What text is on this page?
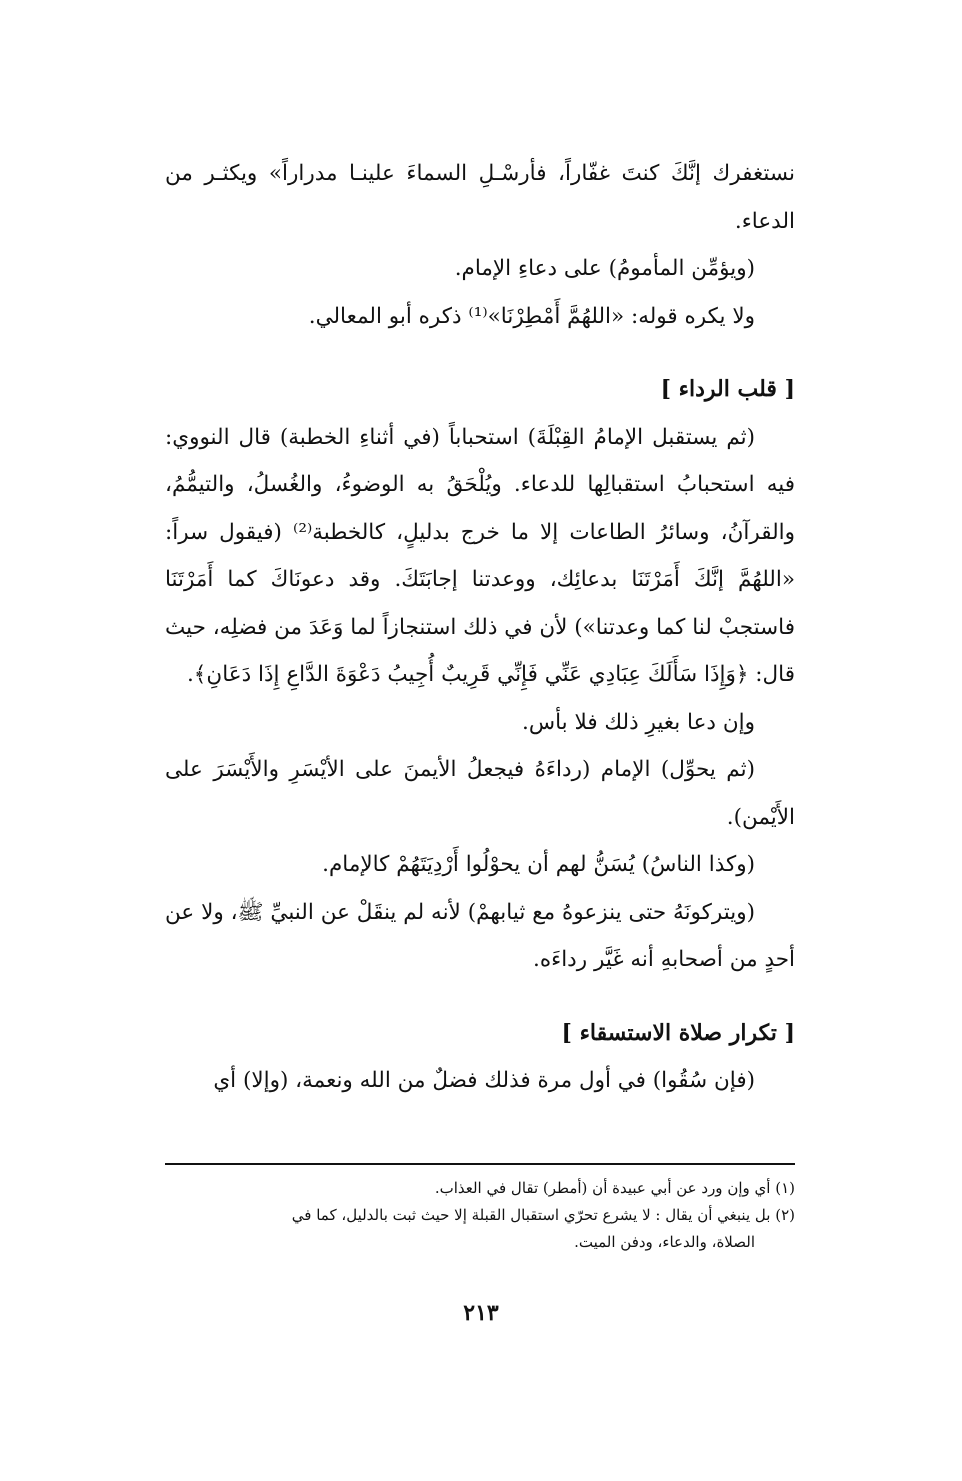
نستغفرك إنَّكَ كنتَ غفّاراً، فأرسْـلِ السماءَ علينـا مدراراً» ويكثـر من الدعاء.

(ويؤمِّن المأمومُ) على دعاءِ الإمام.

ولا يكره قوله: «اللهُمَّ أَمْطِرْنَا»⁽¹⁾ ذكره أبو المعالي.

[ قلب الرداء ]

(ثم يستقبل الإمامُ القِبْلَةَ) استحباباً (في أثناءِ الخطبة) قال النووي: فيه استحبابُ استقبالِها للدعاء. ويُلْحَقُ به الوضوءُ، والغُسلُ، والتيمُّمُ، والقرآنُ، وسائرُ الطاعات إلا ما خرج بدليلٍ، كالخطبة⁽²⁾ (فيقول سراً: «اللهُمَّ إنَّكَ أَمَرْتَنَا بدعائِك، ووعدتنا إجابَتَكَ. وقد دعونَاكَ كما أَمَرْتَنَا فاستجبْ لنا كما وعدتنا») لأن في ذلك استنجازاً لما وَعَدَ من فضلِه، حيث قال: ﴿وَإِذَا سَأَلَكَ عِبَادِي عَنِّي فَإِنِّي قَرِيبٌ أُجِيبُ دَعْوَةَ الدَّاعِ إِذَا دَعَانِ﴾.

وإن دعا بغيرِ ذلك فلا بأس.

(ثم يحوِّل) الإمام (رداءَهُ فيجعلُ الأيمنَ على الأيْسَرِ والأَيْسَرَ على الأَيْمن).

(وكذا الناسُ) يُسَنُّ لهم أن يحوْلُوا أَرْدِيَتَهُمْ كالإمام.

(ويتركونَهُ حتى ينزعوهُ مع ثيابهمْ) لأنه لم ينقَلْ عن النبيِّ ﷺ، ولا عن أحدٍ من أصحابهِ أنه غَيَّر رداءَه.

[ تكرار صلاة الاستسقاء ]

(فإن سُقُوا) في أول مرة فذلك فضلٌ من الله ونعمة، (وإلا) أي

(١) أي وإن ورد عن أبي عبيدة أن (أمطر) تقال في العذاب.

(٢) بل ينبغي أن يقال : لا يشرع تحرّي استقبال القبلة إلا حيث ثبت بالدليل، كما في
الصلاة، والدعاء، ودفن الميت.

٢١٣
